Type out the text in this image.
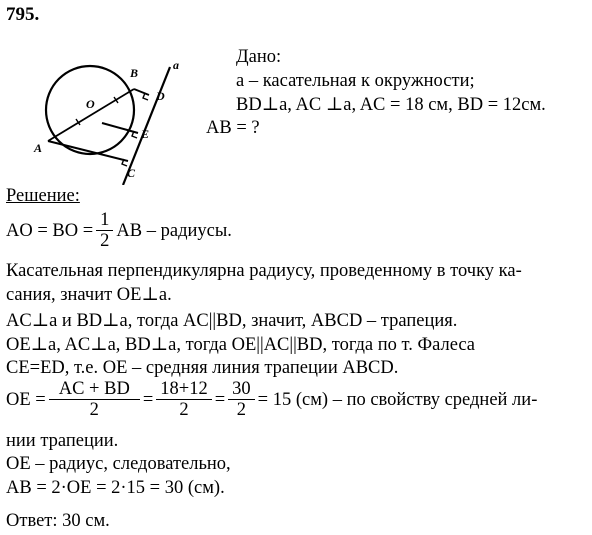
795.
a
B
D
O
E
A
C
Дано:
а – касательная к окружности;
BD⊥a, AC ⊥a, AC = 18 см, BD = 12см.
AB = ?
Решение:
AO = BO = $\frac{1}{2}$ AB – радиусы.
Касательная перпендикулярна радиусу, проведенному в точку ка-
сания, значит OE⊥a.
AC⊥a и BD⊥a, тогда AC||BD, значит, ABCD – трапеция.
OE⊥a, AC⊥a, BD⊥a, тогда OE||AC||BD, тогда по т. Фалеса
CE=ED, т.е. OE – средняя линия трапеции ABCD.
OE = $\frac{AC + BD}{2} = \frac{18+12}{2} = \frac{30}{2} = 15$ (см) – по свойству средней ли-
нии трапеции.
OE – радиус, следовательно,
AB = 2·OE = 2·15 = 30 (см).
Ответ: 30 см.
